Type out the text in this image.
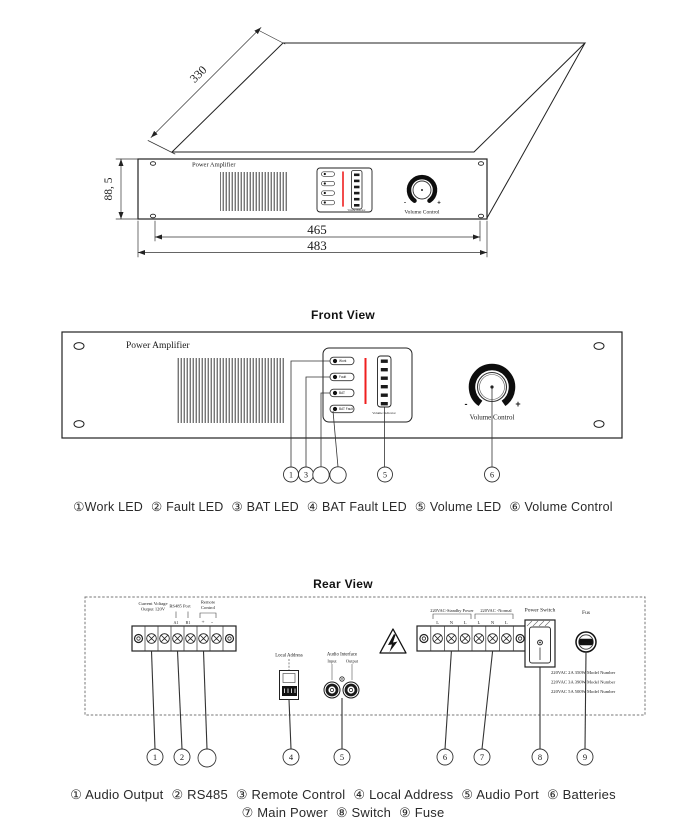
Power Amplifier
Volume Indicator
-	+
Volume Control
330
88, 5
465
483
Power Amplifier
Work
Fault
BAT
BAT Fault
Volume Indicator
-	+
Volume Control
1 3	5	6
Current Voltage
Output 120V
RS485 Port
A1 B1
Remote
Control
+ -
Local Address	Audio Interface
Input Output
220VAC-Standby Power 220VAC -Normal
L N L L N L
Power Switch	Fus
FUSE
220VAC 2A 350W Model Number
220VAC 3A 390W Model Number
220VAC 5A 500W Model Number
1	2	4	5	6	7	8	9
Front View
①Work LED ② Fault LED ③ BAT LED ④ BAT Fault LED ⑤ Volume LED ⑥ Volume Control
Rear View
① Audio Output ② RS485 ③ Remote Control ④ Local Address ⑤ Audio Port ⑥ Batteries
⑦ Main Power ⑧ Switch ⑨ Fuse
